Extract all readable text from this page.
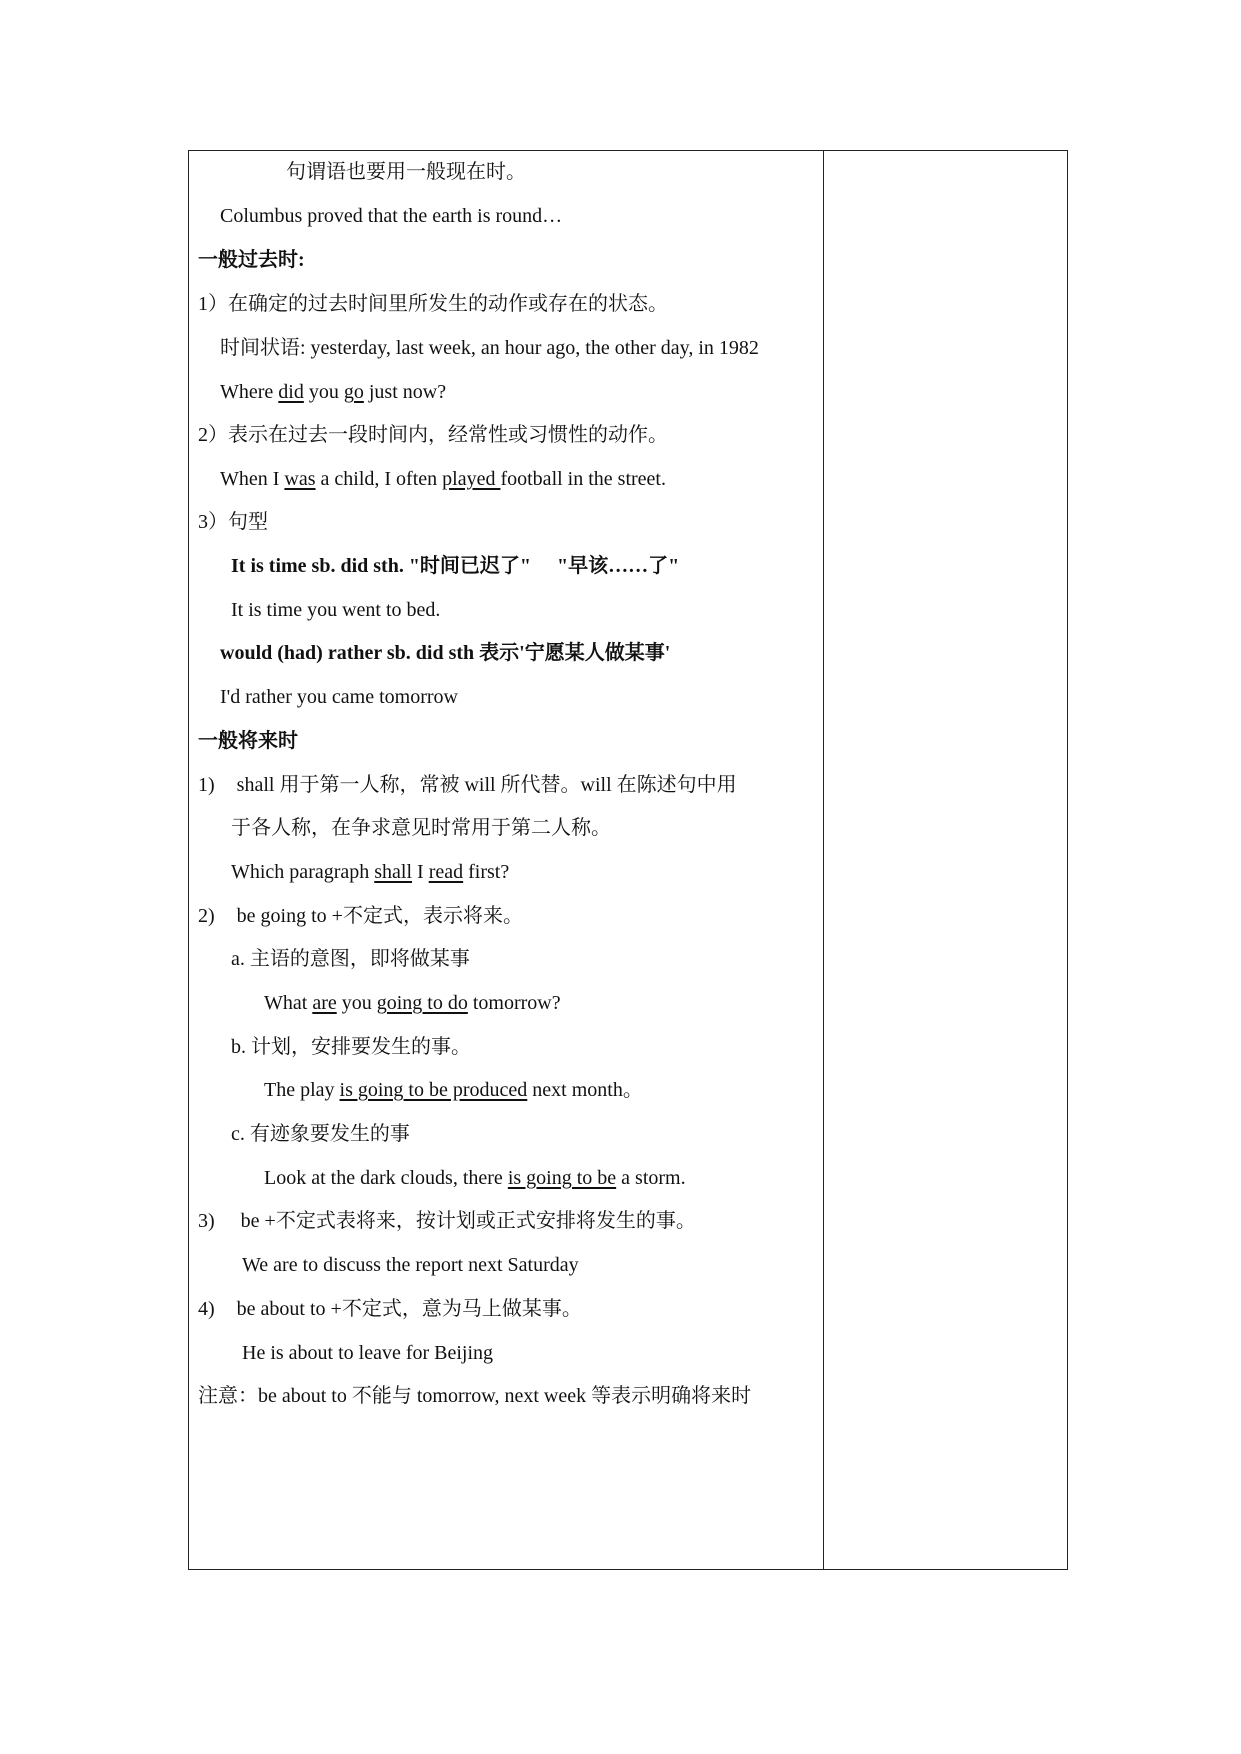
句谓语也要用一般现在时。
Columbus proved that the earth is round…
一般过去时:
1）在确定的过去时间里所发生的动作或存在的状态。
时间状语: yesterday, last week, an hour ago, the other day, in 1982
Where did you go just now?
2）表示在过去一段时间内，经常性或习惯性的动作。
When I was a child, I often played football in the street.
3）句型
It is time sb. did sth. "时间已迟了" "早该……了"
It is time you went to bed.
would (had) rather sb. did sth 表示'宁愿某人做某事'
I'd rather you came tomorrow
一般将来时
1) shall 用于第一人称，常被 will 所代替。will 在陈述句中用
于各人称，在争求意见时常用于第二人称。
Which paragraph shall I read first?
2) be going to +不定式，表示将来。
a. 主语的意图，即将做某事
What are you going to do tomorrow?
b. 计划，安排要发生的事。
The play is going to be produced next month。
c. 有迹象要发生的事
Look at the dark clouds, there is going to be a storm.
3) be +不定式表将来，按计划或正式安排将发生的事。
We are to discuss the report next Saturday
4) be about to +不定式，意为马上做某事。
He is about to leave for Beijing
注意：be about to 不能与 tomorrow, next week 等表示明确将来时
